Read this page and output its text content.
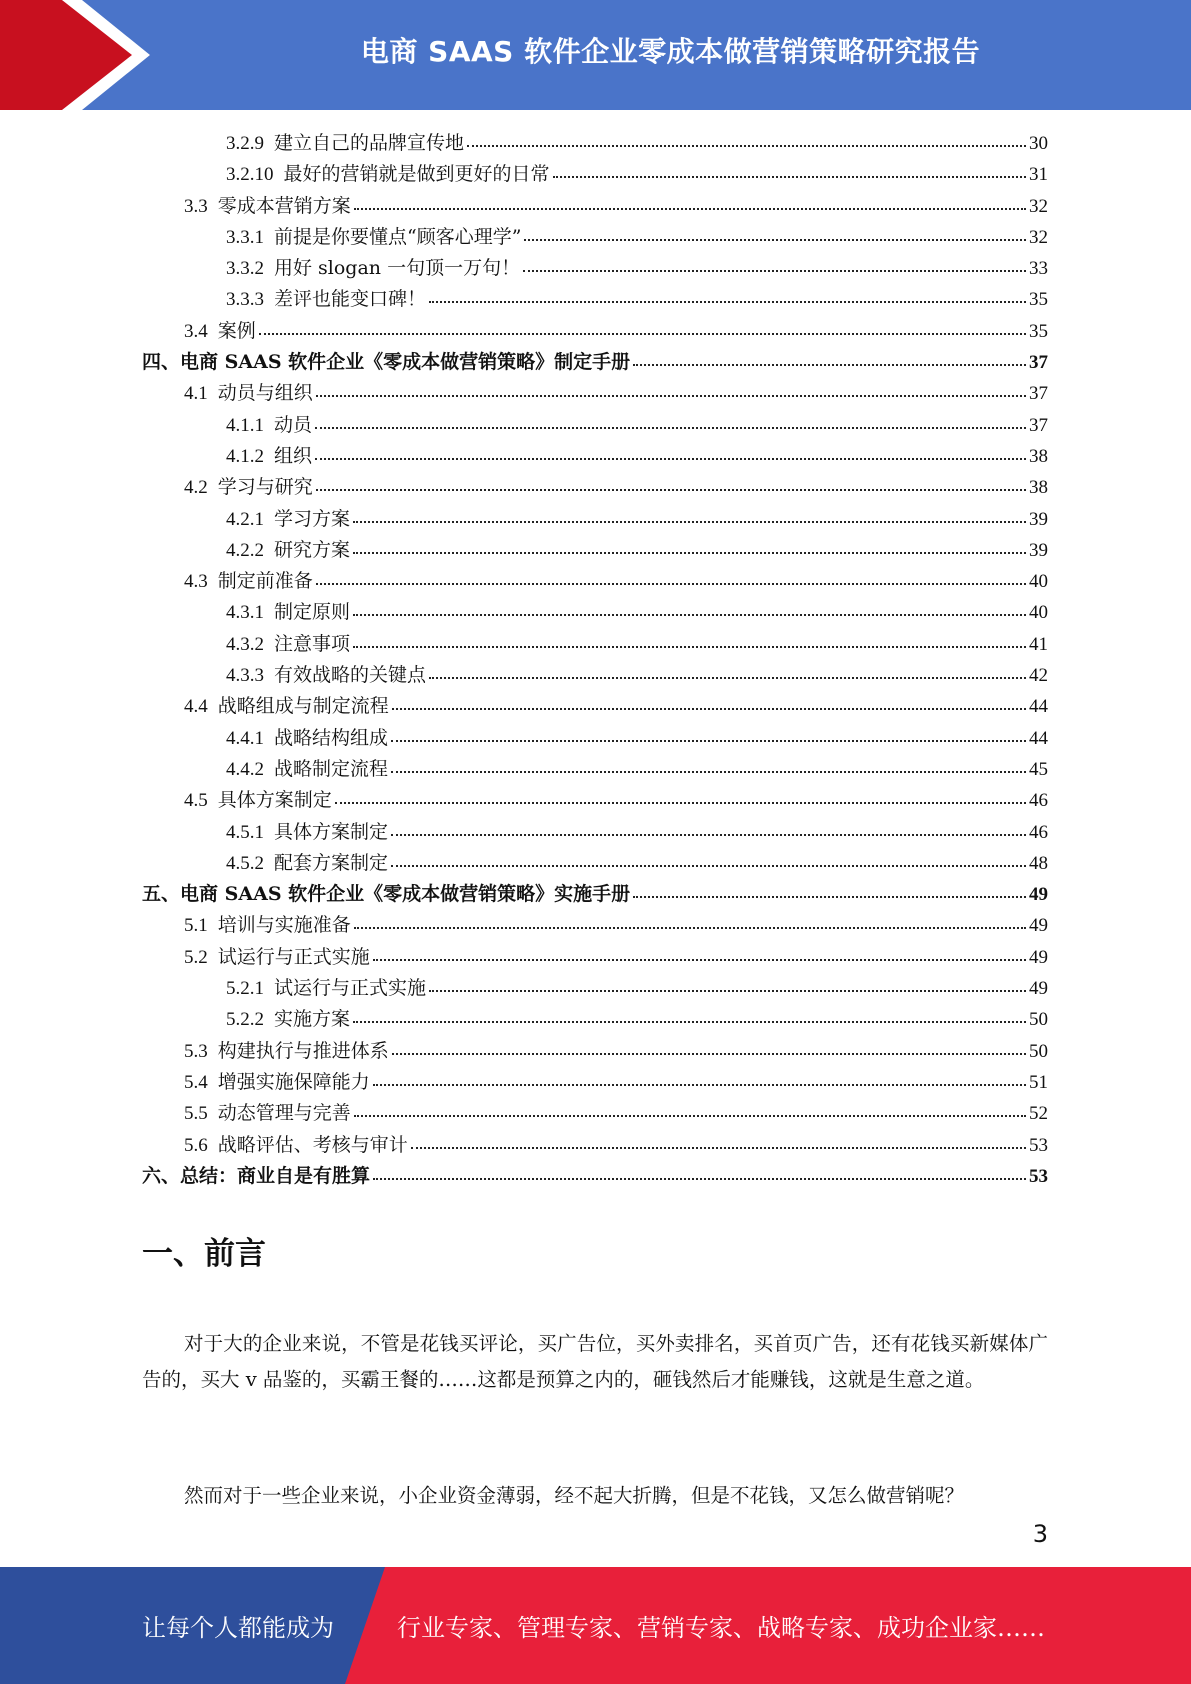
电商 SAAS 软件企业零成本做营销策略研究报告
3.2.9 建立自己的品牌宣传地	30
3.2.10 最好的营销就是做到更好的日常	31
3.3 零成本营销方案	32
3.3.1 前提是你要懂点“顾客心理学”	32
3.3.2 用好 slogan 一句顶一万句！	33
3.3.3 差评也能变口碑！	35
3.4 案例	35
四、 电商 SAAS 软件企业《零成本做营销策略》制定手册	37
4.1 动员与组织	37
4.1.1 动员	37
4.1.2 组织	38
4.2 学习与研究	38
4.2.1 学习方案	39
4.2.2 研究方案	39
4.3 制定前准备	40
4.3.1 制定原则	40
4.3.2 注意事项	41
4.3.3 有效战略的关键点	42
4.4 战略组成与制定流程	44
4.4.1 战略结构组成	44
4.4.2 战略制定流程	45
4.5 具体方案制定	46
4.5.1 具体方案制定	46
4.5.2 配套方案制定	48
五、 电商 SAAS 软件企业《零成本做营销策略》实施手册	49
5.1 培训与实施准备	49
5.2 试运行与正式实施	49
5.2.1 试运行与正式实施	49
5.2.2 实施方案	50
5.3 构建执行与推进体系	50
5.4 增强实施保障能力	51
5.5 动态管理与完善	52
5.6 战略评估、考核与审计	53
六、 总结：商业自是有胜算	53
一、前言
对于大的企业来说，不管是花钱买评论，买广告位，买外卖排名，买首页广告，还有花钱买新媒体广告的，买大 v 品鉴的，买霸王餐的……这都是预算之内的，砸钱然后才能赚钱，这就是生意之道。
然而对于一些企业来说，小企业资金薄弱，经不起大折腾，但是不花钱，又怎么做营销呢？
3
让每个人都能成为	行业专家、管理专家、营销专家、战略专家、成功企业家……
